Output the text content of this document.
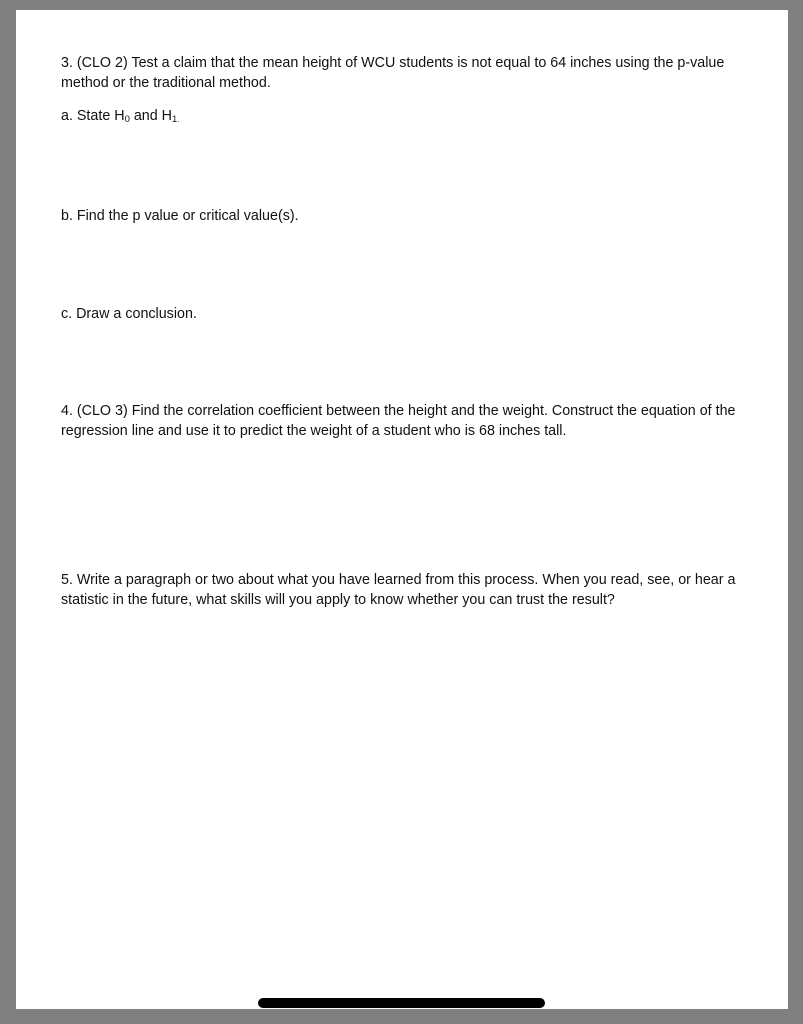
3. (CLO 2) Test a claim that the mean height of WCU students is not equal to 64 inches using the p-value method or the traditional method.

a. State $H_0$ and $H_1$.

b. Find the p value or critical value(s).

c. Draw a conclusion.

4. (CLO 3) Find the correlation coefficient between the height and the weight. Construct the equation of the regression line and use it to predict the weight of a student who is 68 inches tall.

5. Write a paragraph or two about what you have learned from this process. When you read, see, or hear a statistic in the future, what skills will you apply to know whether you can trust the result?
